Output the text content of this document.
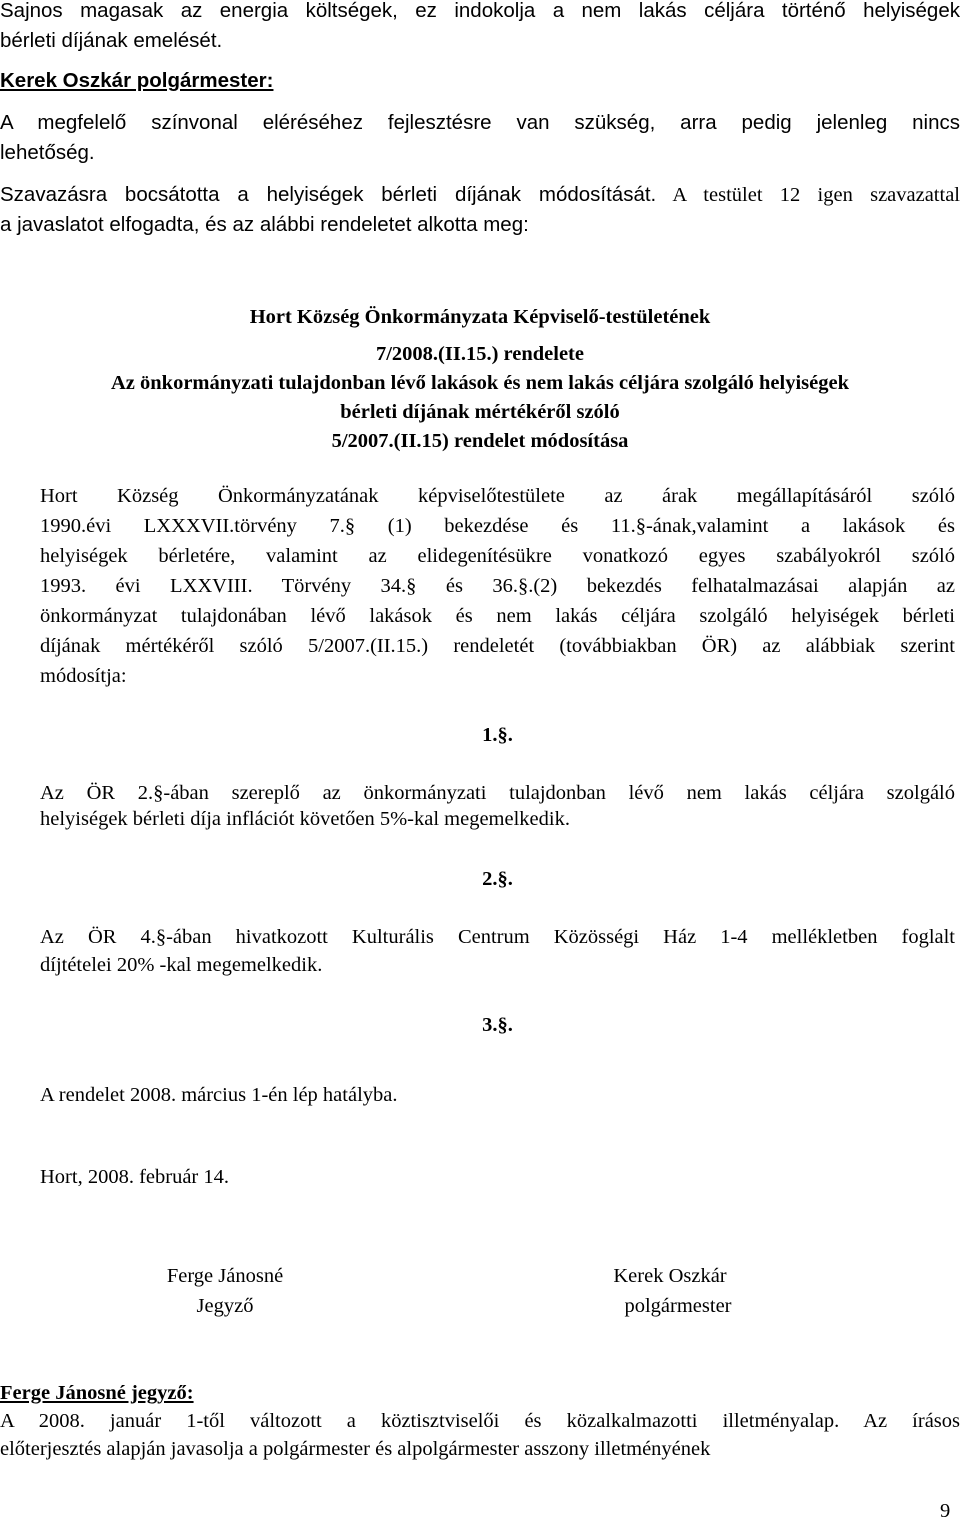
Sajnos magasak az energia költségek, ez indokolja a nem lakás céljára történő helyiségek

bérleti díjának emelését.

Kerek Oszkár polgármester:

A megfelelő színvonal eléréséhez fejlesztésre van szükség, arra pedig jelenleg nincs

lehetőség.

Szavazásra bocsátotta a helyiségek bérleti díjának módosítását. A testület 12 igen szavazattal

a javaslatot elfogadta, és az alábbi rendeletet alkotta meg:

Hort Község Önkormányzata Képviselő-testületének

7/2008.(II.15.) rendelete

Az önkormányzati tulajdonban lévő lakások és nem lakás céljára szolgáló helyiségek

bérleti díjának mértékéről szóló

5/2007.(II.15) rendelet módosítása

Hort Község Önkormányzatának képviselőtestülete az árak megállapításáról szóló

1990.évi LXXXVII.törvény 7.§ (1) bekezdése és 11.§-ának,valamint a lakások és

helyiségek bérletére, valamint az elidegenítésükre vonatkozó egyes szabályokról szóló

1993. évi LXXVIII. Törvény 34.§ és 36.§.(2) bekezdés felhatalmazásai alapján az

önkormányzat tulajdonában lévő lakások és nem lakás céljára szolgáló helyiségek bérleti

díjának mértékéről szóló 5/2007.(II.15.) rendeletét (továbbiakban ÖR) az alábbiak szerint

módosítja:

1.§.

Az ÖR 2.§-ában szereplő az önkormányzati tulajdonban lévő nem lakás céljára szolgáló

helyiségek bérleti díja inflációt követően 5%-kal megemelkedik.

2.§.

Az ÖR 4.§-ában hivatkozott Kulturális Centrum Közösségi Ház 1-4 mellékletben foglalt

díjtételei 20% -kal megemelkedik.

3.§.

A rendelet 2008. március 1-én lép hatályba.

Hort, 2008. február 14.

Ferge Jánosné

Jegyző

Kerek Oszkár

polgármester

Ferge Jánosné jegyző:

A 2008. január 1-től változott a köztisztviselői és közalkalmazotti illetményalap. Az írásos

előterjesztés alapján javasolja a polgármester és alpolgármester asszony illetményének

9
